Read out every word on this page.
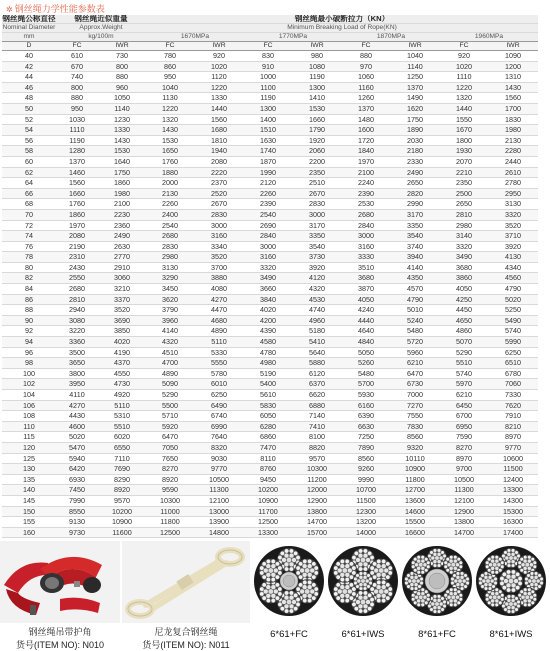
✲ 钢丝绳力学性能参数表
钢丝绳公称直径	钢丝绳近似重量		钢丝绳最小破断拉力（KN）							
Nominal Diameter	Approx.Weight		Minimum Breaking Load of Rope(KN)							
mm	kg/100m		1670MPa		1770MPa		1870MPa		1960MPa	
D	FC	IWR	FC	IWR	FC	IWR	FC	IWR	FC	IWR
40	610	730	780	920	830	980	880	1040	920	1090
42	670	800	860	1020	910	1080	970	1140	1020	1200
44	740	880	950	1120	1000	1190	1060	1250	1110	1310
46	800	960	1040	1220	1100	1300	1160	1370	1220	1430
48	880	1050	1130	1330	1190	1410	1260	1490	1320	1560
50	950	1140	1220	1440	1300	1530	1370	1620	1440	1700
52	1030	1230	1320	1560	1400	1660	1480	1750	1550	1830
54	1110	1330	1430	1680	1510	1790	1600	1890	1670	1980
56	1190	1430	1530	1810	1630	1920	1720	2030	1800	2130
58	1280	1530	1650	1940	1740	2060	1840	2180	1930	2280
60	1370	1640	1760	2080	1870	2200	1970	2330	2070	2440
62	1460	1750	1880	2220	1990	2350	2100	2490	2210	2610
64	1560	1860	2000	2370	2120	2510	2240	2650	2350	2780
66	1660	1980	2130	2520	2260	2670	2390	2820	2500	2950
68	1760	2100	2260	2670	2390	2830	2530	2990	2650	3130
70	1860	2230	2400	2830	2540	3000	2680	3170	2810	3320
72	1970	2360	2540	3000	2690	3170	2840	3350	2980	3520
74	2080	2490	2680	3160	2840	3350	3000	3540	3140	3710
76	2190	2630	2830	3340	3000	3540	3160	3740	3320	3920
78	2310	2770	2980	3520	3160	3730	3330	3940	3490	4130
80	2430	2910	3130	3700	3320	3920	3510	4140	3680	4340
82	2550	3060	3290	3880	3490	4120	3680	4350	3860	4560
84	2680	3210	3450	4080	3660	4320	3870	4570	4050	4790
86	2810	3370	3620	4270	3840	4530	4050	4790	4250	5020
88	2940	3520	3790	4470	4020	4740	4240	5010	4450	5250
90	3080	3690	3960	4680	4200	4960	4440	5240	4650	5490
92	3220	3850	4140	4890	4390	5180	4640	5480	4860	5740
94	3360	4020	4320	5110	4580	5410	4840	5720	5070	5990
96	3500	4190	4510	5330	4780	5640	5050	5960	5290	6250
98	3650	4370	4700	5550	4980	5880	5260	6210	5510	6510
100	3800	4550	4890	5780	5190	6120	5480	6470	5740	6780
102	3950	4730	5090	6010	5400	6370	5700	6730	5970	7060
104	4110	4920	5290	6250	5610	6620	5930	7000	6210	7330
106	4270	5110	5500	6490	5830	6880	6160	7270	6450	7620
108	4430	5310	5710	6740	6050	7140	6390	7550	6700	7910
110	4600	5510	5920	6990	6280	7410	6630	7830	6950	8210
115	5020	6020	6470	7640	6860	8100	7250	8560	7590	8970
120	5470	6550	7050	8320	7470	8820	7890	9320	8270	9770
125	5940	7110	7650	9030	8110	9570	8560	10110	8970	10600
130	6420	7690	8270	9770	8760	10300	9260	10900	9700	11500
135	6930	8290	8920	10500	9450	11200	9990	11800	10500	12400
140	7450	8920	9590	11300	10200	12000	10700	12700	11300	13300
145	7990	9570	10300	12100	10900	12900	11500	13600	12100	14300
150	8550	10200	11000	13000	11700	13800	12300	14600	12900	15300
155	9130	10900	11800	13900	12500	14700	13200	15500	13800	16300
160	9730	11600	12500	14800	13300	15700	14000	16600	14700	17400
钢丝绳吊带护角
货号(ITEM NO): N010
尼龙复合钢丝绳
货号(ITEM NO): N011
6*61+FC	6*61+IWS	8*61+FC	8*61+IWS
